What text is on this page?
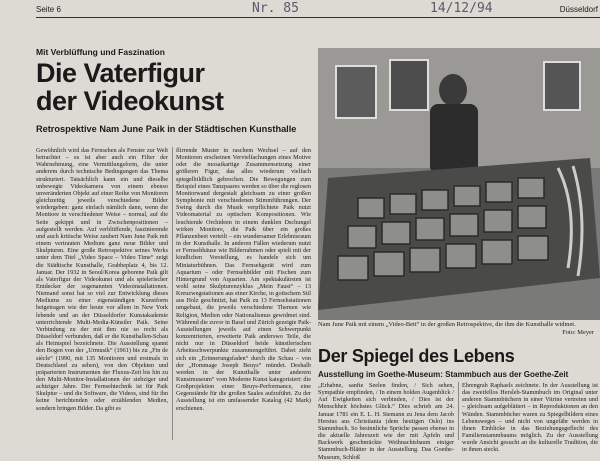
Seite 6	Düsseldorf
Nr. 85	14/12/94
Mit Verblüffung und Faszination
Die Vaterfigur
der Videokunst
Retrospektive Nam June Paik in der Städtischen Kunsthalle

Gewöhnlich wird das Fernsehen als Fenster zur Welt betrachtet – es ist aber auch ein Filter der Wahrnehmung, eine Vermittlungsform, die unter anderem durch technische Bedingungen das Thema strukturiert. Tatsächlich kann ein und dieselbe unbewegte Videokamera von einem ebenso unveränderten Objekt auf einer Reihe von Monitoren gleichzeitig jeweils verschiedene Bilder wiedergeben: ganz einfach nämlich dann, wenn die Monitore in verschiedener Weise – normal, auf die Seite gekippt und in Zwischenpositionen – aufgestellt werden. Auf verblüffende, faszinierende und auch kritische Weise zaubert Nam June Paik mit einem vertrauten Medium ganz neue Bilder und Skulpturen. Eine große Retrospektive seines Werks unter dem Titel „Video Space – Video Time“ zeigt die Städtische Kunsthalle, Grabbeplatz 4, bis 12. Januar. Der 1932 in Seoul/Korea geborene Paik gilt als Vaterfigur der Videokunst und als spielerischer Entdecker der sogenannten Videoinstallationen. Niemand sonst hat so viel zur Entwicklung dieses Mediums zu einer eigenständigen Kunstform beigetragen wie der heute vor allem in New York lebende und an der Düsseldorfer Kunstakademie unterrichtende Multi-Media-Künstler Paik. Seine Verbindung zu der mit ihm nie so recht als Düsseldorf verbunden, daß er die Kunsthallen-Schau als Heimspiel bezeichnete. Die Ausstellung spannt den Bogen von der „Urmusik“ (1961) bis zu „Fin de siècle“ (1990, mit 135 Monitoren und erstmals in Deutschland zu sehen), von den Objekten und präparierten Instrumenten der Fluxus-Zeit bis hin zu den Multi-Monitor-Installationen der siebziger und achtziger Jahre. Der Fernsehtechnik ist für Paik Skulptur – und die Software, die Videos, sind für ihn keine berichtenden oder erzählenden Medien, sondern bringen Bilder. Da gibt es

flirrende Muster in raschem Wechsel – auf den Monitoren erscheinen Vervielfachungen eines Motive oder die mosaikartige Zusammensetzung einer größeren Figur, das alles wiederum vielfach spiegelbildlich gebrochen. Die Bewegungen zum Beispiel eines Tanzpaares werden so über die reglosen Monitorwand dergestalt gleichsam zu einer großen Symphonie mit verschiedenen Stimmführungen. Der Swing durch die Musik verpflichtete Paik nutzt Videomaterial zu optischen Kompositionen. Wie leuchtende Orchideen in einem dunklen Dschungel wirken Monitore, die Paik über ein großes Pflanzenbeet verteilt – ein wundersamer Erlebnisraum in der Kunsthalle. In anderen Fällen wiederum nutzt er Fernsehhäuse wie Bilderrahmen oder spielt mit der kindlichen Vorstellung, es handele sich um Miniaturbühnen. Das Fernsehgerät wird zum Aquarium – oder Fernsehbilder mit Fischen zum Hintergrund von Aquarien. Am spektakulärsten ist wohl seine Skulpturenzyklus „Mein Faust“ – 13 Kreuzwegstationen aus einer Kirche, in gotischem Stil aus Holz geschnitzt, hat Paik zu 13 Fernsehstationen umgebaut, die jeweils verschiedene Themen wie Religion, Medien oder Nationalismus gewidmet sind. Während die zuvor in Basel und Zürich gezeigte Paik-Ausstellungen jeweils auf einen Schwerpunkt konzentrierten, erweiterte Paik anderswo Teile, die nicht nur in Düsseldorf beide künstlerischen Arbeitsschwerpunkte zusammengeführt. Dabei zieht sich ein „Erinnerungsfaden“ durch die Schau – von der „Hommage Joseph Beuys“ mündet. Deshalb werden in der Kunsthalle unter anderem Kunstmuseum“ vom Moderne Kunst kategorisiert: die Großprojektion einer Beuys-Performance, eine Gegenstände für die großen Saales aufzuführt. Zu der Ausstellung ist ein umfassender Katalog (42 Mark) erschienen.

Nam June Paik mit einem „Video-Bett“ in der großen Retrospektive, die ihm die Kunsthalle widmet.
Foto: Meyer
Der Spiegel des Lebens
Ausstellung im Goethe-Museum: Stammbuch aus der Goethe-Zeit

„Erhabne, sanfte Seelen finden, / Sich sehen, Sympathie empfinden, / In einem holden Augenblick / Auf Ewigkeiten sich verbinden, / Dies ist der Menschheit höchstes Glück.“ Dies schrieb am 24. Januar 1781 ein E. L. H. Stemann zu Jena dem Jacob Hersius aus Christiania (dem heutigen Oslo) ins Stammbuch. So besinnliche Sprüche passen ebenso in die aktuelle Jahreszeit wie der mit Äpfeln und Backwerk geschmückte Weihnachtsbaum einiger Stammbuch-Blätter in der Ausstellung. Das Goethe-Museum, Schloß

Ehrengrab Raphaels zeichnete. In der Ausstellung ist das zweifellos Hersleb-Stammbuch im Original unter anderen Stammbüchern in einer Vitrine vertreten und – gleichsam aufgeblättert – in Reproduktionen an den Wänden. Stammbücher waren zu Spiegelbildern eines Lebensweges – und nicht von ungefähr werden in ihnen Einblicke in das Beziehungsgeflecht des Familienstammbaums möglich. Zu der Ausstellung wurde Ansicht gesucht an die kulturelle Tradition, die in ihnen steckt.
